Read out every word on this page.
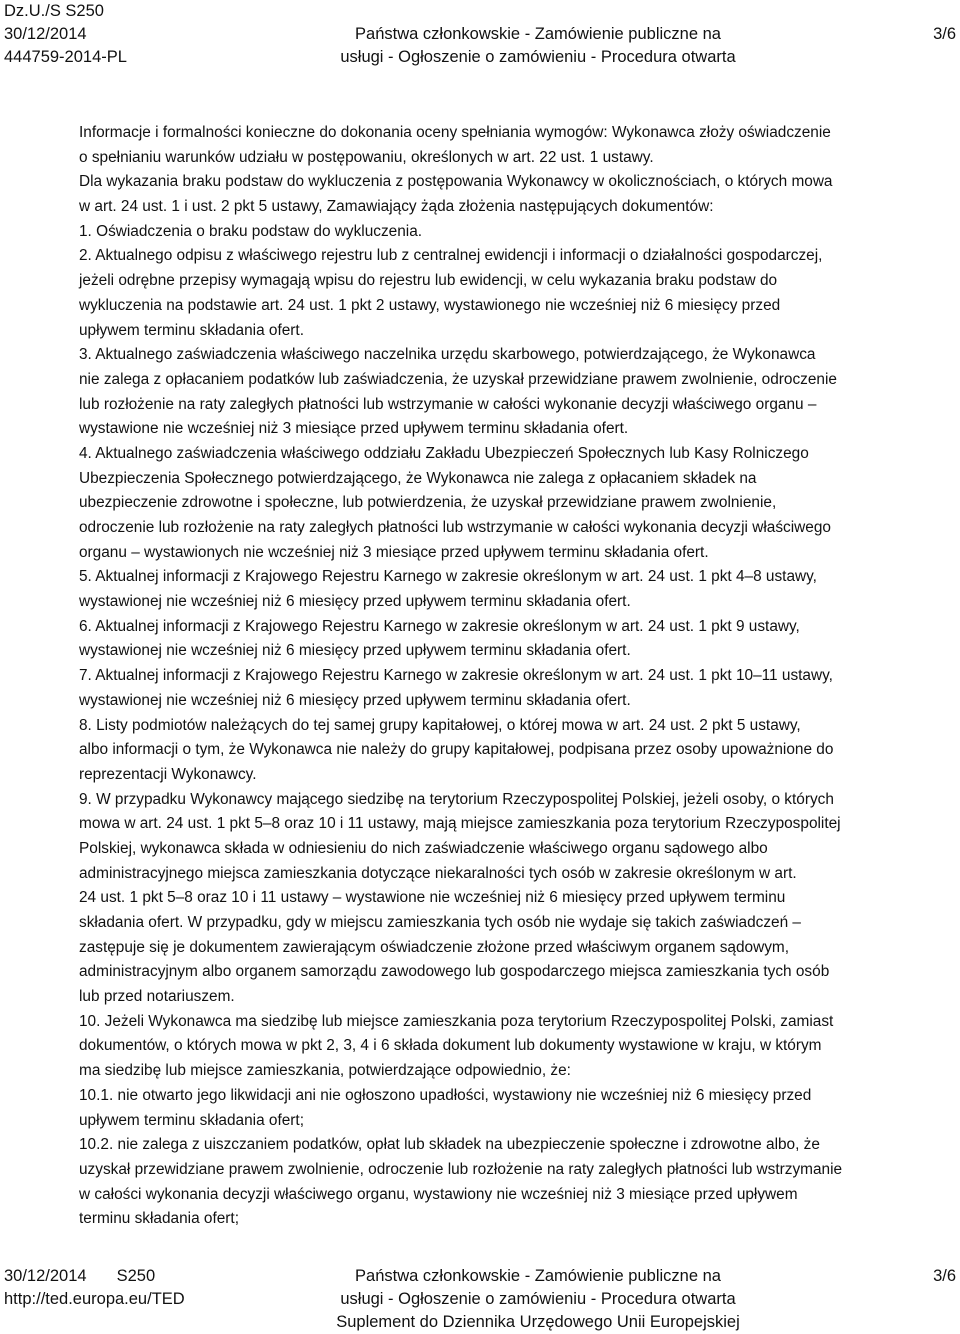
Dz.U./S S250
30/12/2014
444759-2014-PL
Państwa członkowskie - Zamówienie publiczne na
usługi - Ogłoszenie o zamówieniu - Procedura otwarta
3/6
Informacje i formalności konieczne do dokonania oceny spełniania wymogów: Wykonawca złoży oświadczenie
o spełnianiu warunków udziału w postępowaniu, określonych w art. 22 ust. 1 ustawy.
Dla wykazania braku podstaw do wykluczenia z postępowania Wykonawcy w okolicznościach, o których mowa
w art. 24 ust. 1 i ust. 2 pkt 5 ustawy, Zamawiający żąda złożenia następujących dokumentów:
1. Oświadczenia o braku podstaw do wykluczenia.
2. Aktualnego odpisu z właściwego rejestru lub z centralnej ewidencji i informacji o działalności gospodarczej,
jeżeli odrębne przepisy wymagają wpisu do rejestru lub ewidencji, w celu wykazania braku podstaw do
wykluczenia na podstawie art. 24 ust. 1 pkt 2 ustawy, wystawionego nie wcześniej niż 6 miesięcy przed
upływem terminu składania ofert.
3. Aktualnego zaświadczenia właściwego naczelnika urzędu skarbowego, potwierdzającego, że Wykonawca
nie zalega z opłacaniem podatków lub zaświadczenia, że uzyskał przewidziane prawem zwolnienie, odroczenie
lub rozłożenie na raty zaległych płatności lub wstrzymanie w całości wykonanie decyzji właściwego organu –
wystawione nie wcześniej niż 3 miesiące przed upływem terminu składania ofert.
4. Aktualnego zaświadczenia właściwego oddziału Zakładu Ubezpieczeń Społecznych lub Kasy Rolniczego
Ubezpieczenia Społecznego potwierdzającego, że Wykonawca nie zalega z opłacaniem składek na
ubezpieczenie zdrowotne i społeczne, lub potwierdzenia, że uzyskał przewidziane prawem zwolnienie,
odroczenie lub rozłożenie na raty zaległych płatności lub wstrzymanie w całości wykonania decyzji właściwego
organu – wystawionych nie wcześniej niż 3 miesiące przed upływem terminu składania ofert.
5. Aktualnej informacji z Krajowego Rejestru Karnego w zakresie określonym w art. 24 ust. 1 pkt 4–8 ustawy,
wystawionej nie wcześniej niż 6 miesięcy przed upływem terminu składania ofert.
6. Aktualnej informacji z Krajowego Rejestru Karnego w zakresie określonym w art. 24 ust. 1 pkt 9 ustawy,
wystawionej nie wcześniej niż 6 miesięcy przed upływem terminu składania ofert.
7. Aktualnej informacji z Krajowego Rejestru Karnego w zakresie określonym w art. 24 ust. 1 pkt 10–11 ustawy,
wystawionej nie wcześniej niż 6 miesięcy przed upływem terminu składania ofert.
8. Listy podmiotów należących do tej samej grupy kapitałowej, o której mowa w art. 24 ust. 2 pkt 5 ustawy,
albo informacji o tym, że Wykonawca nie należy do grupy kapitałowej, podpisana przez osoby upoważnione do
reprezentacji Wykonawcy.
9. W przypadku Wykonawcy mającego siedzibę na terytorium Rzeczypospolitej Polskiej, jeżeli osoby, o których
mowa w art. 24 ust. 1 pkt 5–8 oraz 10 i 11 ustawy, mają miejsce zamieszkania poza terytorium Rzeczypospolitej
Polskiej, wykonawca składa w odniesieniu do nich zaświadczenie właściwego organu sądowego albo
administracyjnego miejsca zamieszkania dotyczące niekaralności tych osób w zakresie określonym w art.
24 ust. 1 pkt 5–8 oraz 10 i 11 ustawy – wystawione nie wcześniej niż 6 miesięcy przed upływem terminu
składania ofert. W przypadku, gdy w miejscu zamieszkania tych osób nie wydaje się takich zaświadczeń –
zastępuje się je dokumentem zawierającym oświadczenie złożone przed właściwym organem sądowym,
administracyjnym albo organem samorządu zawodowego lub gospodarczego miejsca zamieszkania tych osób
lub przed notariuszem.
10. Jeżeli Wykonawca ma siedzibę lub miejsce zamieszkania poza terytorium Rzeczypospolitej Polski, zamiast
dokumentów, o których mowa w pkt 2, 3, 4 i 6 składa dokument lub dokumenty wystawione w kraju, w którym
ma siedzibę lub miejsce zamieszkania, potwierdzające odpowiednio, że:
10.1. nie otwarto jego likwidacji ani nie ogłoszono upadłości, wystawiony nie wcześniej niż 6 miesięcy przed
upływem terminu składania ofert;
10.2. nie zalega z uiszczaniem podatków, opłat lub składek na ubezpieczenie społeczne i zdrowotne albo, że
uzyskał przewidziane prawem zwolnienie, odroczenie lub rozłożenie na raty zaległych płatności lub wstrzymanie
w całości wykonania decyzji właściwego organu, wystawiony nie wcześniej niż 3 miesiące przed upływem
terminu składania ofert;
30/12/2014 S250
http://ted.europa.eu/TED
Państwa członkowskie - Zamówienie publiczne na
usługi - Ogłoszenie o zamówieniu - Procedura otwarta
Suplement do Dziennika Urzędowego Unii Europejskiej
3/6
